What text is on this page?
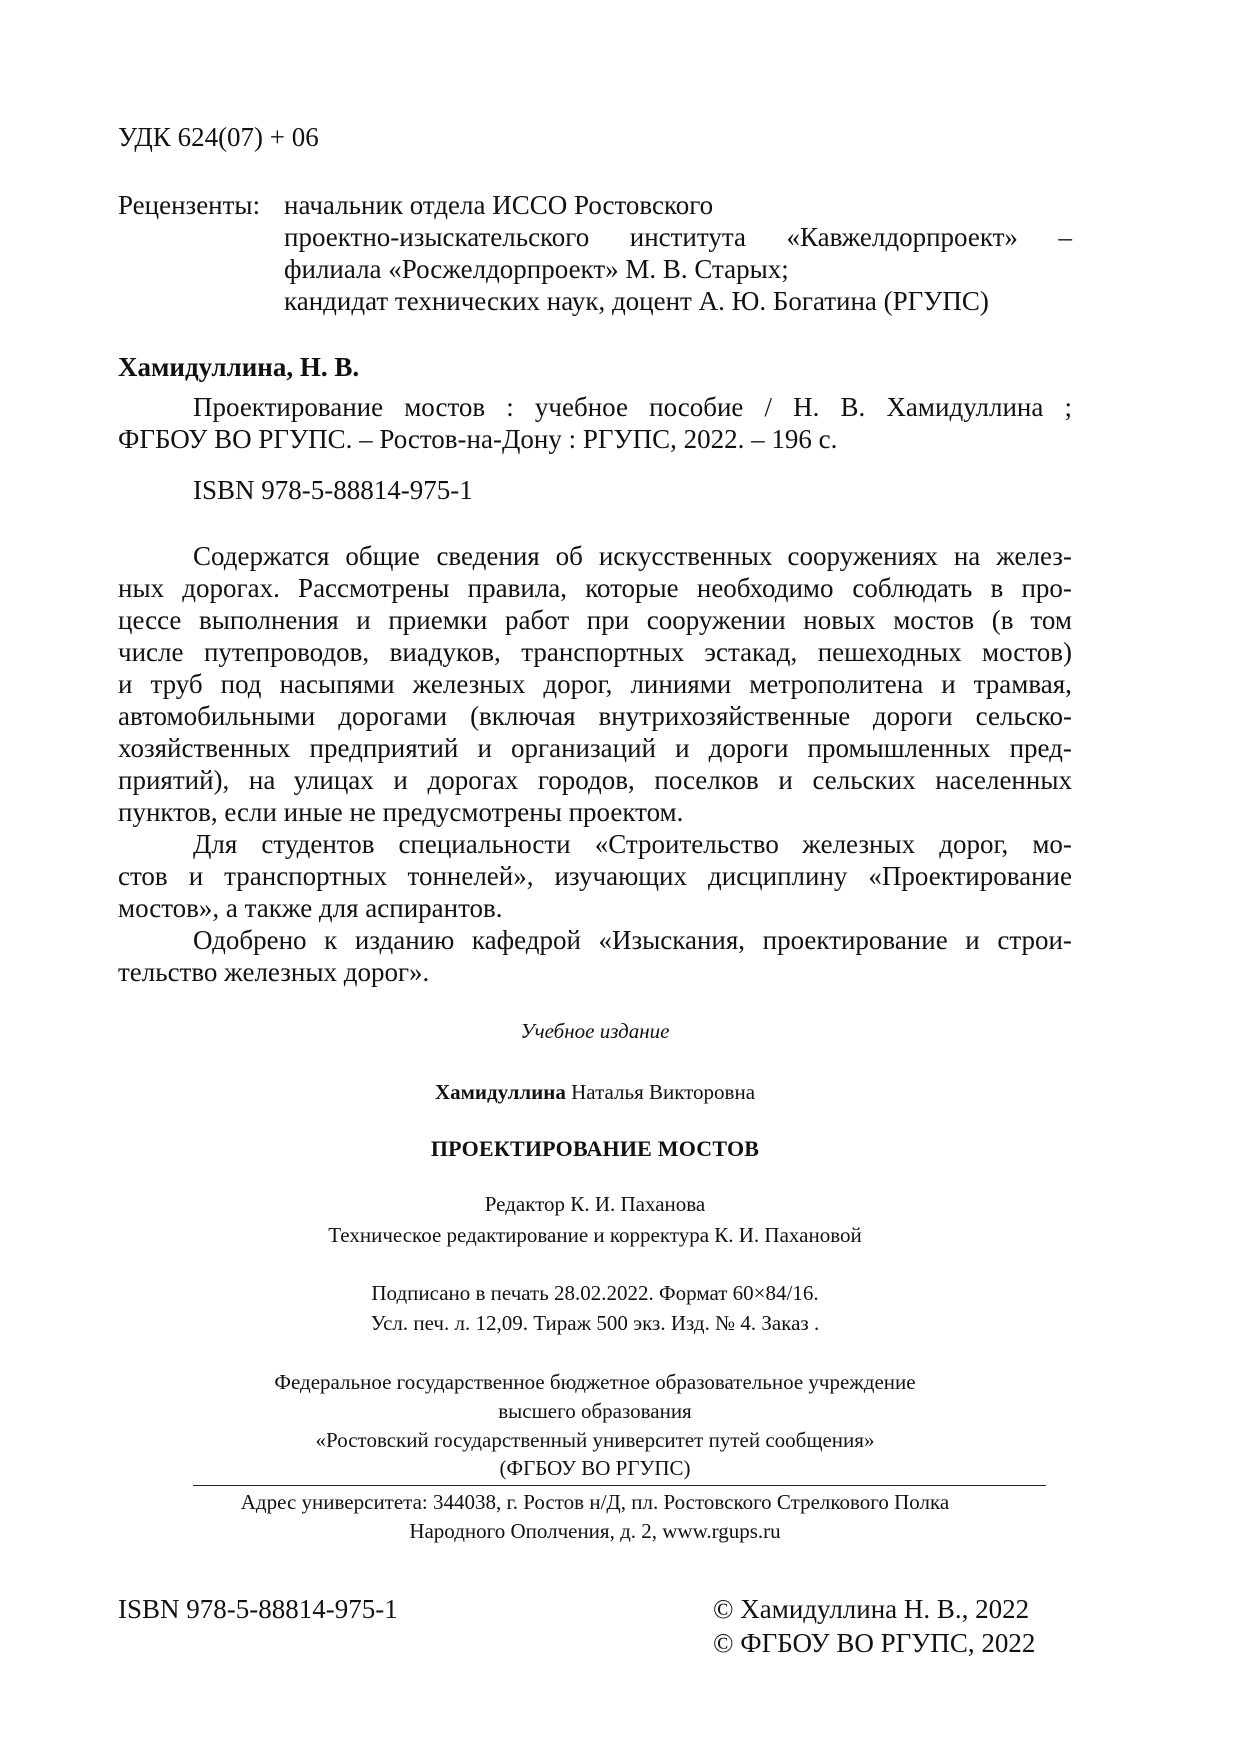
УДК 624(07) + 06
Рецензенты: начальник отдела ИССО Ростовского
проектно-изыскательского института «Кавжелдорпроект» –
филиала «Росжелдорпроект» М. В. Старых;
кандидат технических наук, доцент А. Ю. Богатина (РГУПС)
Хамидуллина, Н. В.
Проектирование мостов : учебное пособие / Н. В. Хамидуллина ;
ФГБОУ ВО РГУПС. – Ростов-на-Дону : РГУПС, 2022. – 196 с.
ISBN 978-5-88814-975-1
Содержатся общие сведения об искусственных сооружениях на желез-
ных дорогах. Рассмотрены правила, которые необходимо соблюдать в про-
цессе выполнения и приемки работ при сооружении новых мостов (в том
числе путепроводов, виадуков, транспортных эстакад, пешеходных мостов)
и труб под насыпями железных дорог, линиями метрополитена и трамвая,
автомобильными дорогами (включая внутрихозяйственные дороги сельско-
хозяйственных предприятий и организаций и дороги промышленных пред-
приятий), на улицах и дорогах городов, поселков и сельских населенных
пунктов, если иные не предусмотрены проектом.
Для студентов специальности «Строительство железных дорог, мо-
стов и транспортных тоннелей», изучающих дисциплину «Проектирование
мостов», а также для аспирантов.
Одобрено к изданию кафедрой «Изыскания, проектирование и строи-
тельство железных дорог».
Учебное издание
Хамидуллина Наталья Викторовна
ПРОЕКТИРОВАНИЕ МОСТОВ
Редактор К. И. Паханова
Техническое редактирование и корректура К. И. Пахановой
Подписано в печать 28.02.2022. Формат 60×84/16.
Усл. печ. л. 12,09. Тираж 500 экз. Изд. № 4. Заказ .
Федеральное государственное бюджетное образовательное учреждение
высшего образования
«Ростовский государственный университет путей сообщения»
(ФГБОУ ВО РГУПС)
Адрес университета: 344038, г. Ростов н/Д, пл. Ростовского Стрелкового Полка
Народного Ополчения, д. 2, www.rgups.ru
ISBN 978-5-88814-975-1	© Хамидуллина Н. В., 2022
© ФГБОУ ВО РГУПС, 2022
